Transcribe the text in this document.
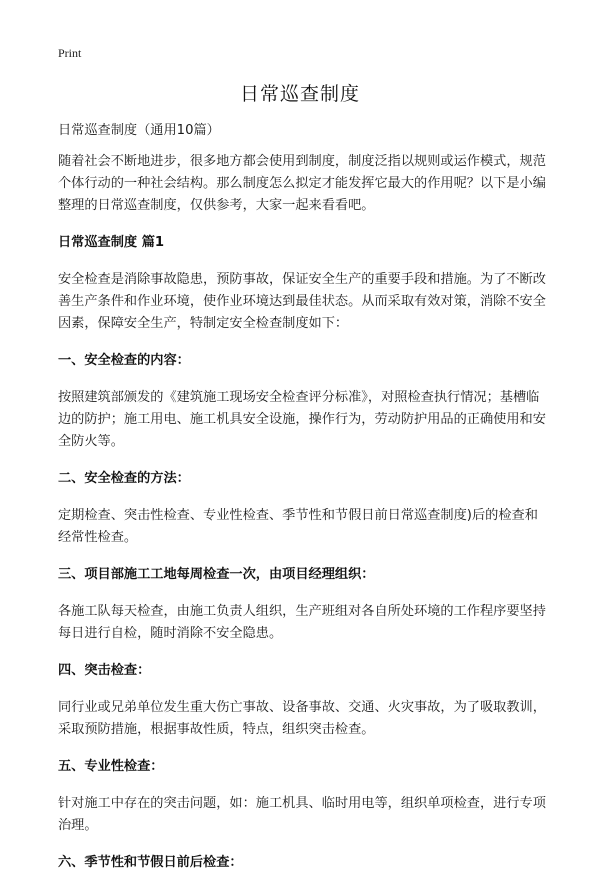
Print
日常巡查制度

日常巡查制度（通用10篇）

随着社会不断地进步，很多地方都会使用到制度，制度泛指以规则或运作模式，规范个体行动的一种社会结构。那么制度怎么拟定才能发挥它最大的作用呢？以下是小编整理的日常巡查制度，仅供参考，大家一起来看看吧。

日常巡查制度 篇1

安全检查是消除事故隐患，预防事故，保证安全生产的重要手段和措施。为了不断改善生产条件和作业环境，使作业环境达到最佳状态。从而采取有效对策，消除不安全因素，保障安全生产，特制定安全检查制度如下：

一、安全检查的内容：

按照建筑部颁发的《建筑施工现场安全检查评分标准》，对照检查执行情况；基槽临边的防护；施工用电、施工机具安全设施，操作行为，劳动防护用品的正确使用和安全防火等。

二、安全检查的方法：

定期检查、突击性检查、专业性检查、季节性和节假日前日常巡查制度)后的检查和经常性检查。

三、项目部施工工地每周检查一次，由项目经理组织：

各施工队每天检查，由施工负责人组织，生产班组对各自所处环境的工作程序要坚持每日进行自检，随时消除不安全隐患。

四、突击检查：

同行业或兄弟单位发生重大伤亡事故、设备事故、交通、火灾事故，为了吸取教训，采取预防措施，根据事故性质，特点，组织突击检查。

五、专业性检查：

针对施工中存在的突击问题，如：施工机具、临时用电等，组织单项检查，进行专项治理。

六、季节性和节假日前后检查：
